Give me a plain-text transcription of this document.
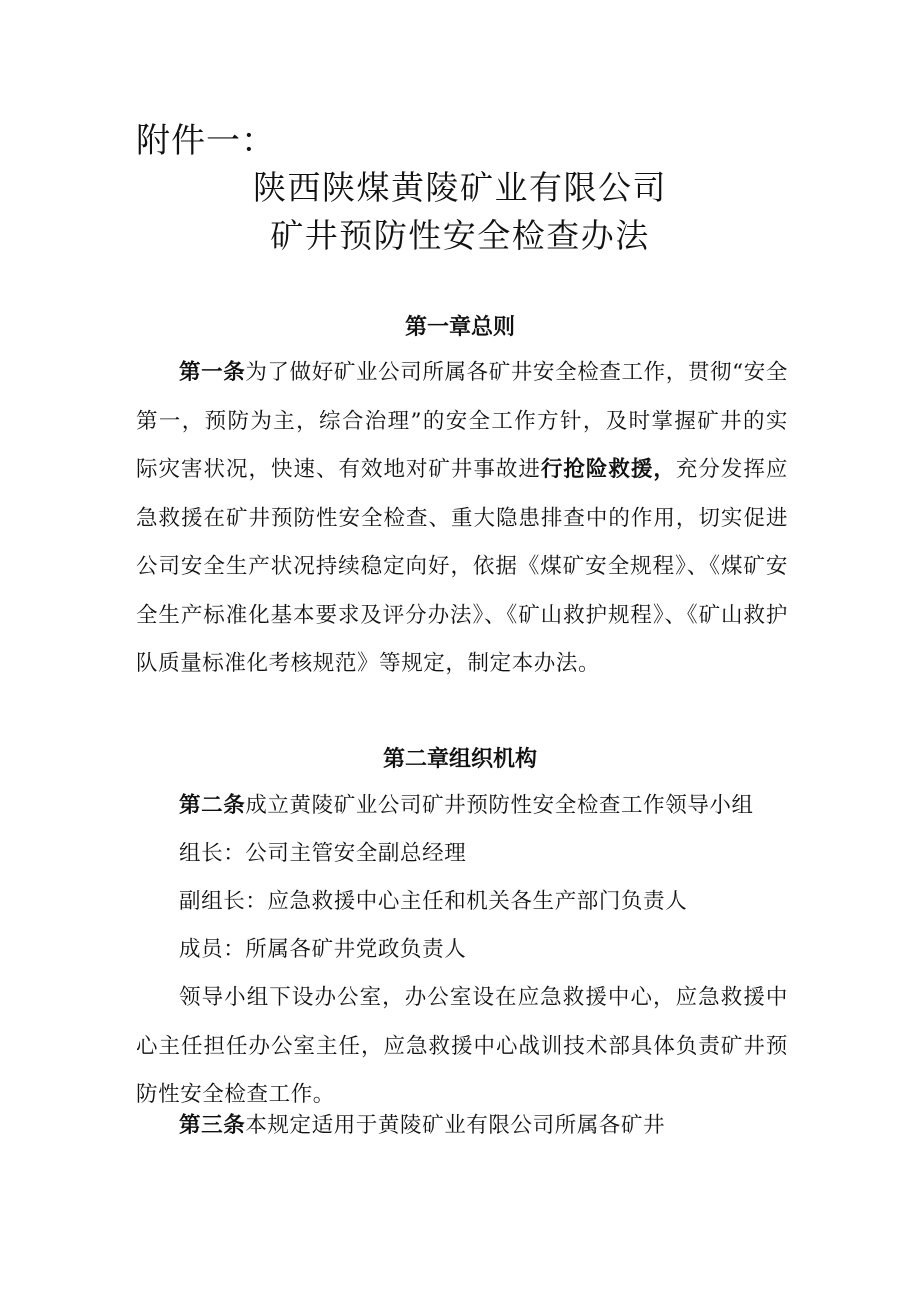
附件一：
陕西陕煤黄陵矿业有限公司
矿井预防性安全检查办法
第一章总则
第一条为了做好矿业公司所属各矿井安全检查工作，贯彻“安全第一，预防为主，综合治理”的安全工作方针，及时掌握矿井的实际灾害状况，快速、有效地对矿井事故进行抢险救援，充分发挥应急救援在矿井预防性安全检查、重大隐患排查中的作用，切实促进公司安全生产状况持续稳定向好，依据《煤矿安全规程》、《煤矿安全生产标准化基本要求及评分办法》、《矿山救护规程》、《矿山救护队质量标准化考核规范》等规定，制定本办法。
第二章组织机构
第二条成立黄陵矿业公司矿井预防性安全检查工作领导小组
组长：公司主管安全副总经理
副组长：应急救援中心主任和机关各生产部门负责人
成员：所属各矿井党政负责人
领导小组下设办公室，办公室设在应急救援中心，应急救援中心主任担任办公室主任，应急救援中心战训技术部具体负责矿井预防性安全检查工作。
第三条本规定适用于黄陵矿业有限公司所属各矿井
